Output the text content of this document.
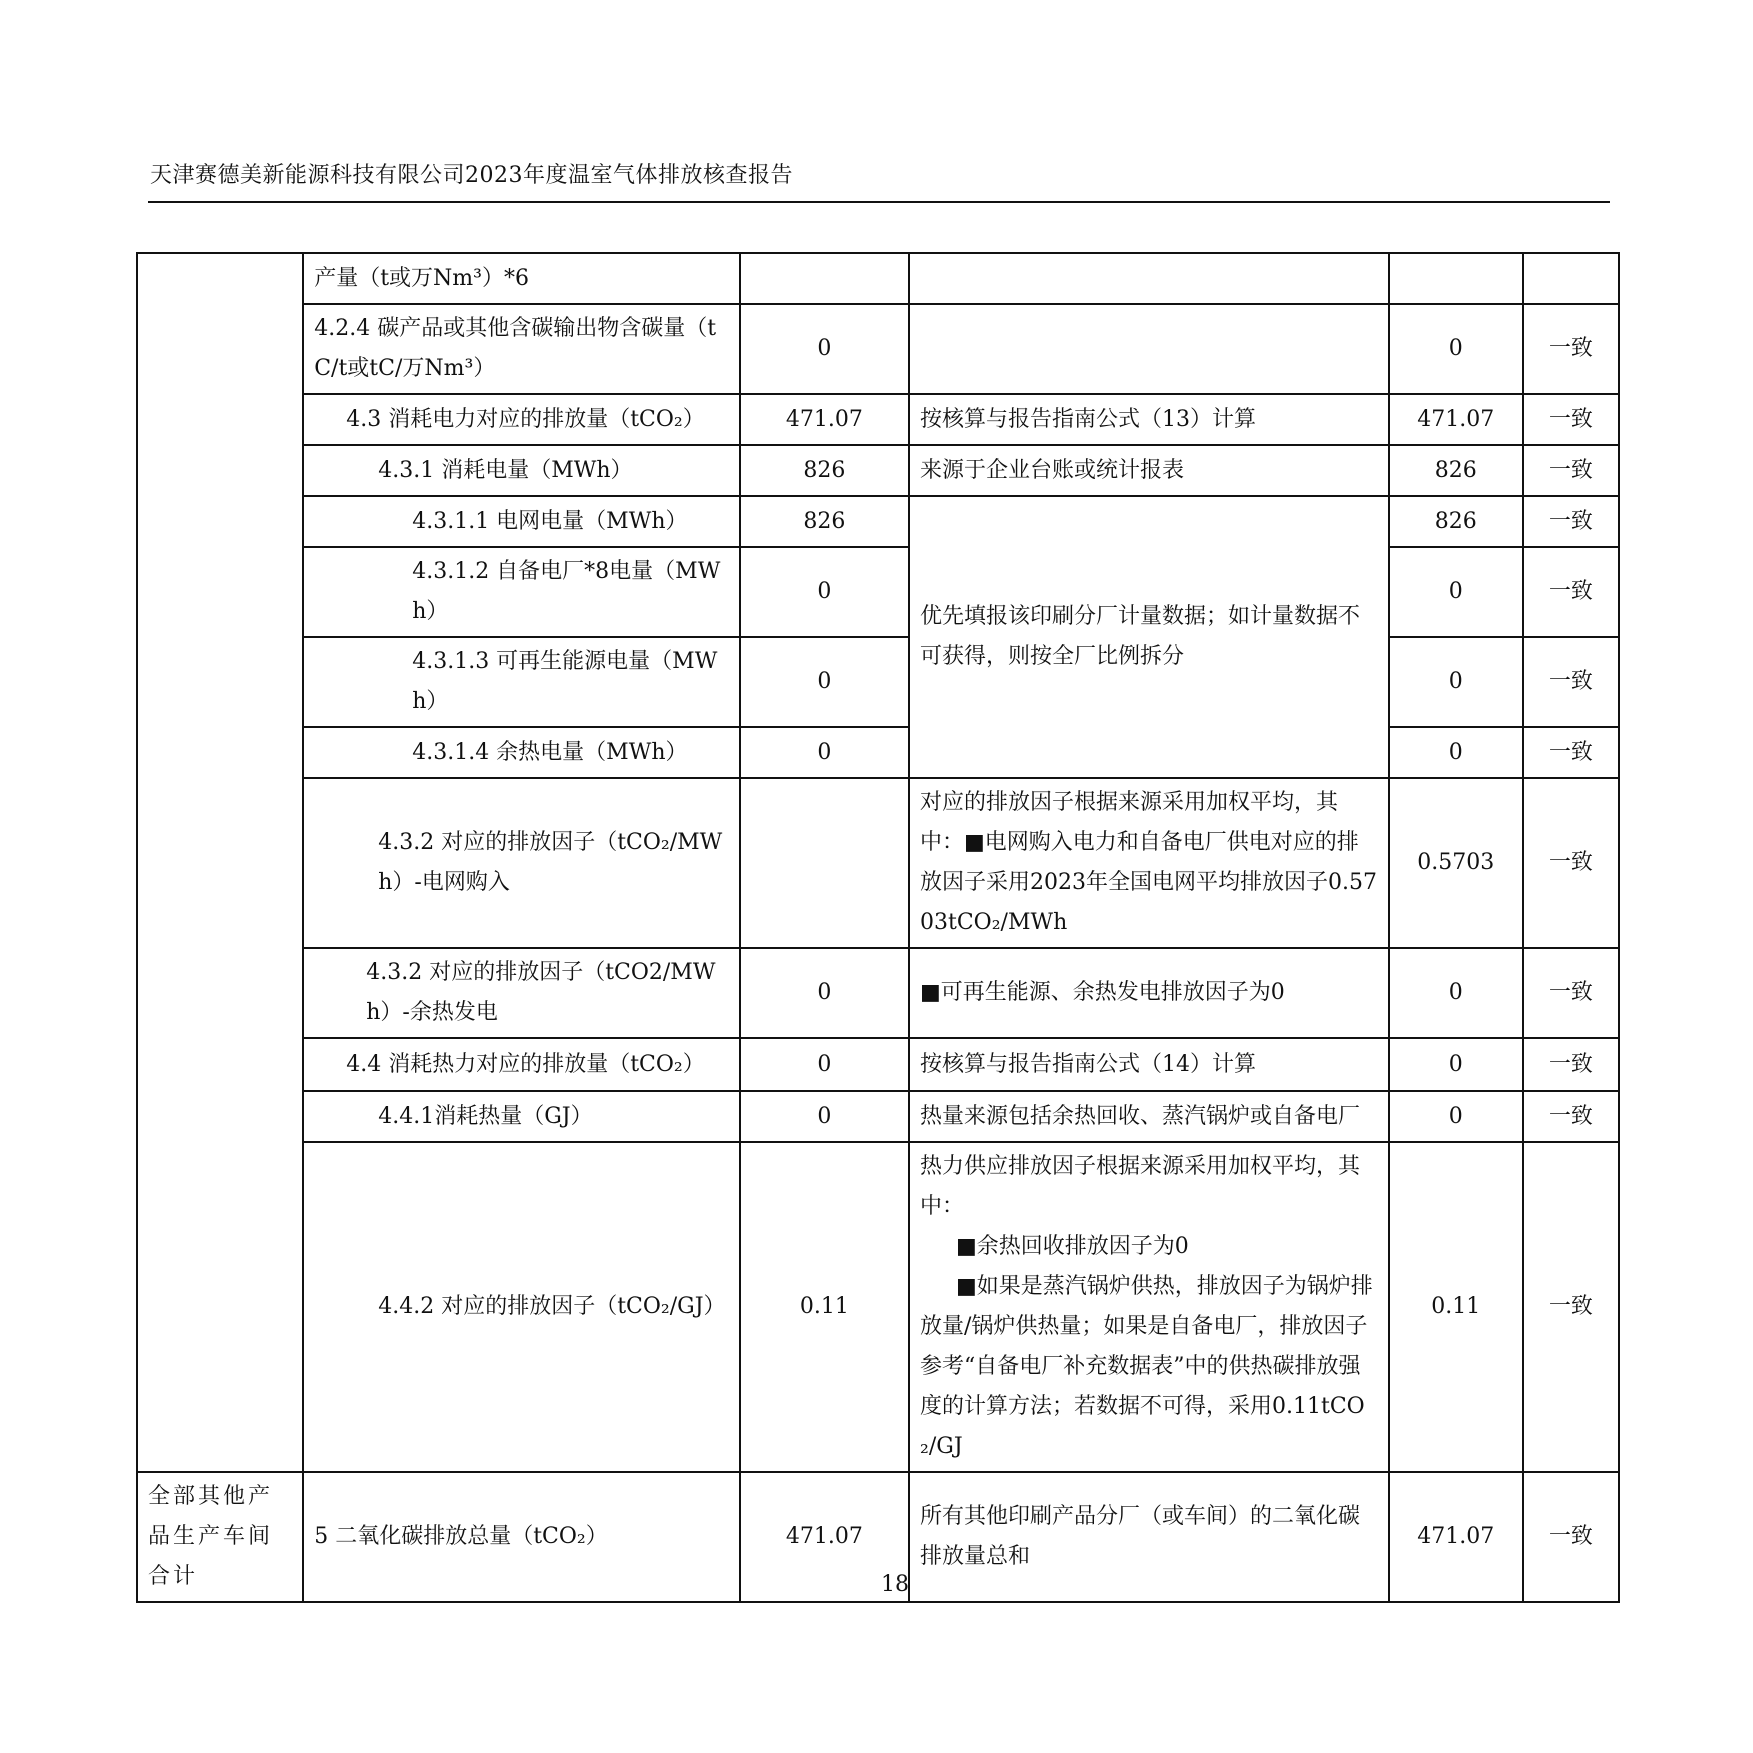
天津赛德美新能源科技有限公司2023年度温室气体排放核查报告
	产量（t或万Nm³）*6				
	4.2.4 碳产品或其他含碳输出物含碳量（tC/t或tC/万Nm³）	0		0	一致
	4.3 消耗电力对应的排放量（tCO₂）	471.07	按核算与报告指南公式（13）计算	471.07	一致
	4.3.1 消耗电量（MWh）	826	来源于企业台账或统计报表	826	一致
	4.3.1.1 电网电量（MWh）	826	优先填报该印刷分厂计量数据；如计量数据不可获得，则按全厂比例拆分	826	一致
	4.3.1.2 自备电厂*8电量（MWh）	0		0	一致
	4.3.1.3 可再生能源电量（MWh）	0		0	一致
	4.3.1.4 余热电量（MWh）	0		0	一致
	4.3.2 对应的排放因子（tCO₂/MWh）-电网购入		对应的排放因子根据来源采用加权平均，其中：■电网购入电力和自备电厂供电对应的排放因子采用2023年全国电网平均排放因子0.5703tCO₂/MWh	0.5703	一致
	4.3.2 对应的排放因子（tCO2/MWh）-余热发电	0	■可再生能源、余热发电排放因子为0	0	一致
	4.4 消耗热力对应的排放量（tCO₂）	0	按核算与报告指南公式（14）计算	0	一致
	4.4.1消耗热量（GJ）	0	热量来源包括余热回收、蒸汽锅炉或自备电厂	0	一致
	4.4.2 对应的排放因子（tCO₂/GJ）	0.11	热力供应排放因子根据来源采用加权平均，其中：
■余热回收排放因子为0
■如果是蒸汽锅炉供热，排放因子为锅炉排放量/锅炉供热量；如果是自备电厂，排放因子参考“自备电厂补充数据表”中的供热碳排放强度的计算方法；若数据不可得，采用0.11tCO₂/GJ	0.11	一致
全部其他产品生产车间合计	5 二氧化碳排放总量（tCO₂）	471.07	所有其他印刷产品分厂（或车间）的二氧化碳排放量总和	471.07	一致
18
